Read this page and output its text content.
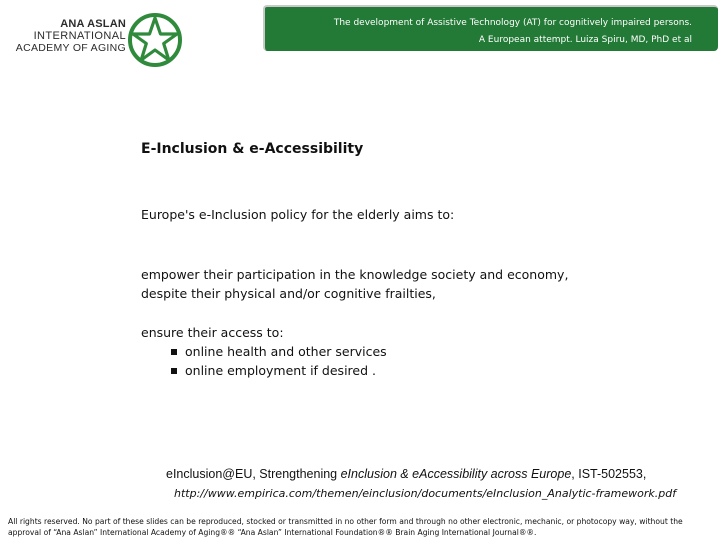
ANA ASLAN
INTERNATIONAL
ACADEMY OF AGING
The development of Assistive Technology (AT) for cognitively impaired persons.
A European attempt. Luiza Spiru, MD, PhD et al
E-Inclusion & e-Accessibility
Europe's e-Inclusion policy for the elderly aims to:
empower their participation in the knowledge society and economy,
despite their physical and/or cognitive frailties,
ensure their access to:
online health and other services
online employment if desired .
eInclusion@EU, Strengthening eInclusion & eAccessibility across Europe, IST-502553,
http://www.empirica.com/themen/einclusion/documents/eInclusion_Analytic-framework.pdf
All rights reserved. No part of these slides can be reproduced, stocked or transmitted in no other form and through no other electronic, mechanic, or photocopy way, without the
approval of “Ana Aslan” International Academy of Aging®® “Ana Aslan” International Foundation®® Brain Aging International Journal®®.
